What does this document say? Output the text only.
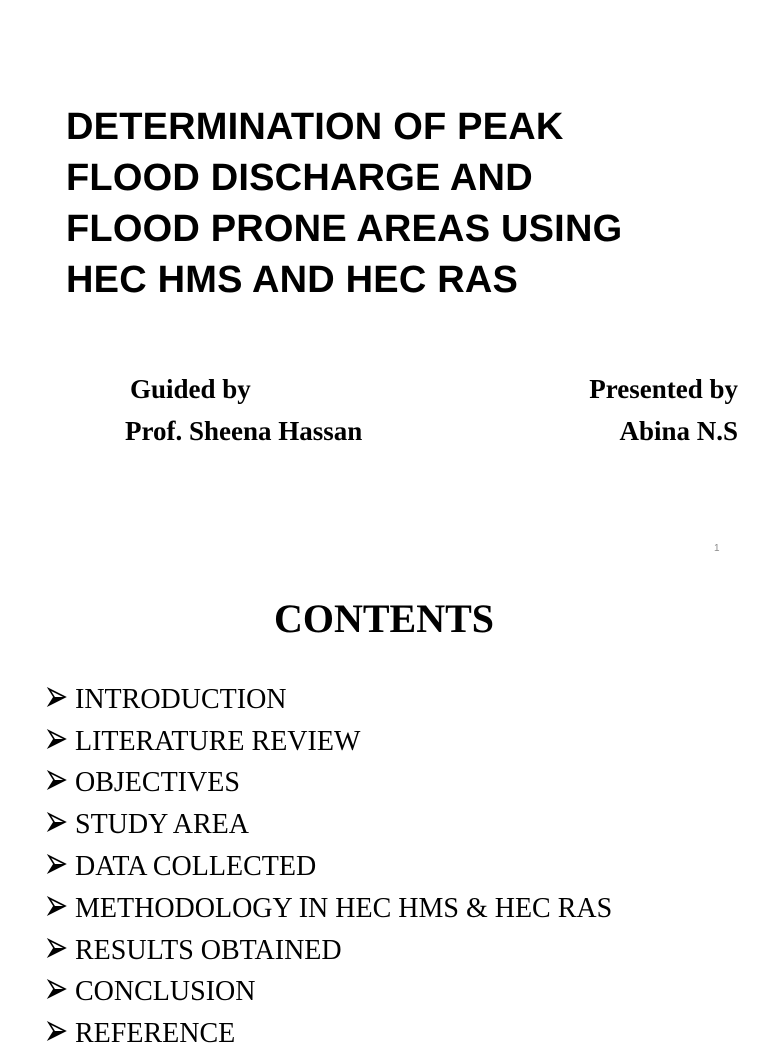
DETERMINATION OF PEAK
FLOOD DISCHARGE AND
FLOOD PRONE AREAS USING
HEC HMS AND HEC RAS
Guided by
Prof. Sheena Hassan
Presented by
Abina N.S
1
CONTENTS
INTRODUCTION
LITERATURE REVIEW
OBJECTIVES
STUDY AREA
DATA COLLECTED
METHODOLOGY IN HEC HMS & HEC RAS
RESULTS OBTAINED
CONCLUSION
REFERENCE
